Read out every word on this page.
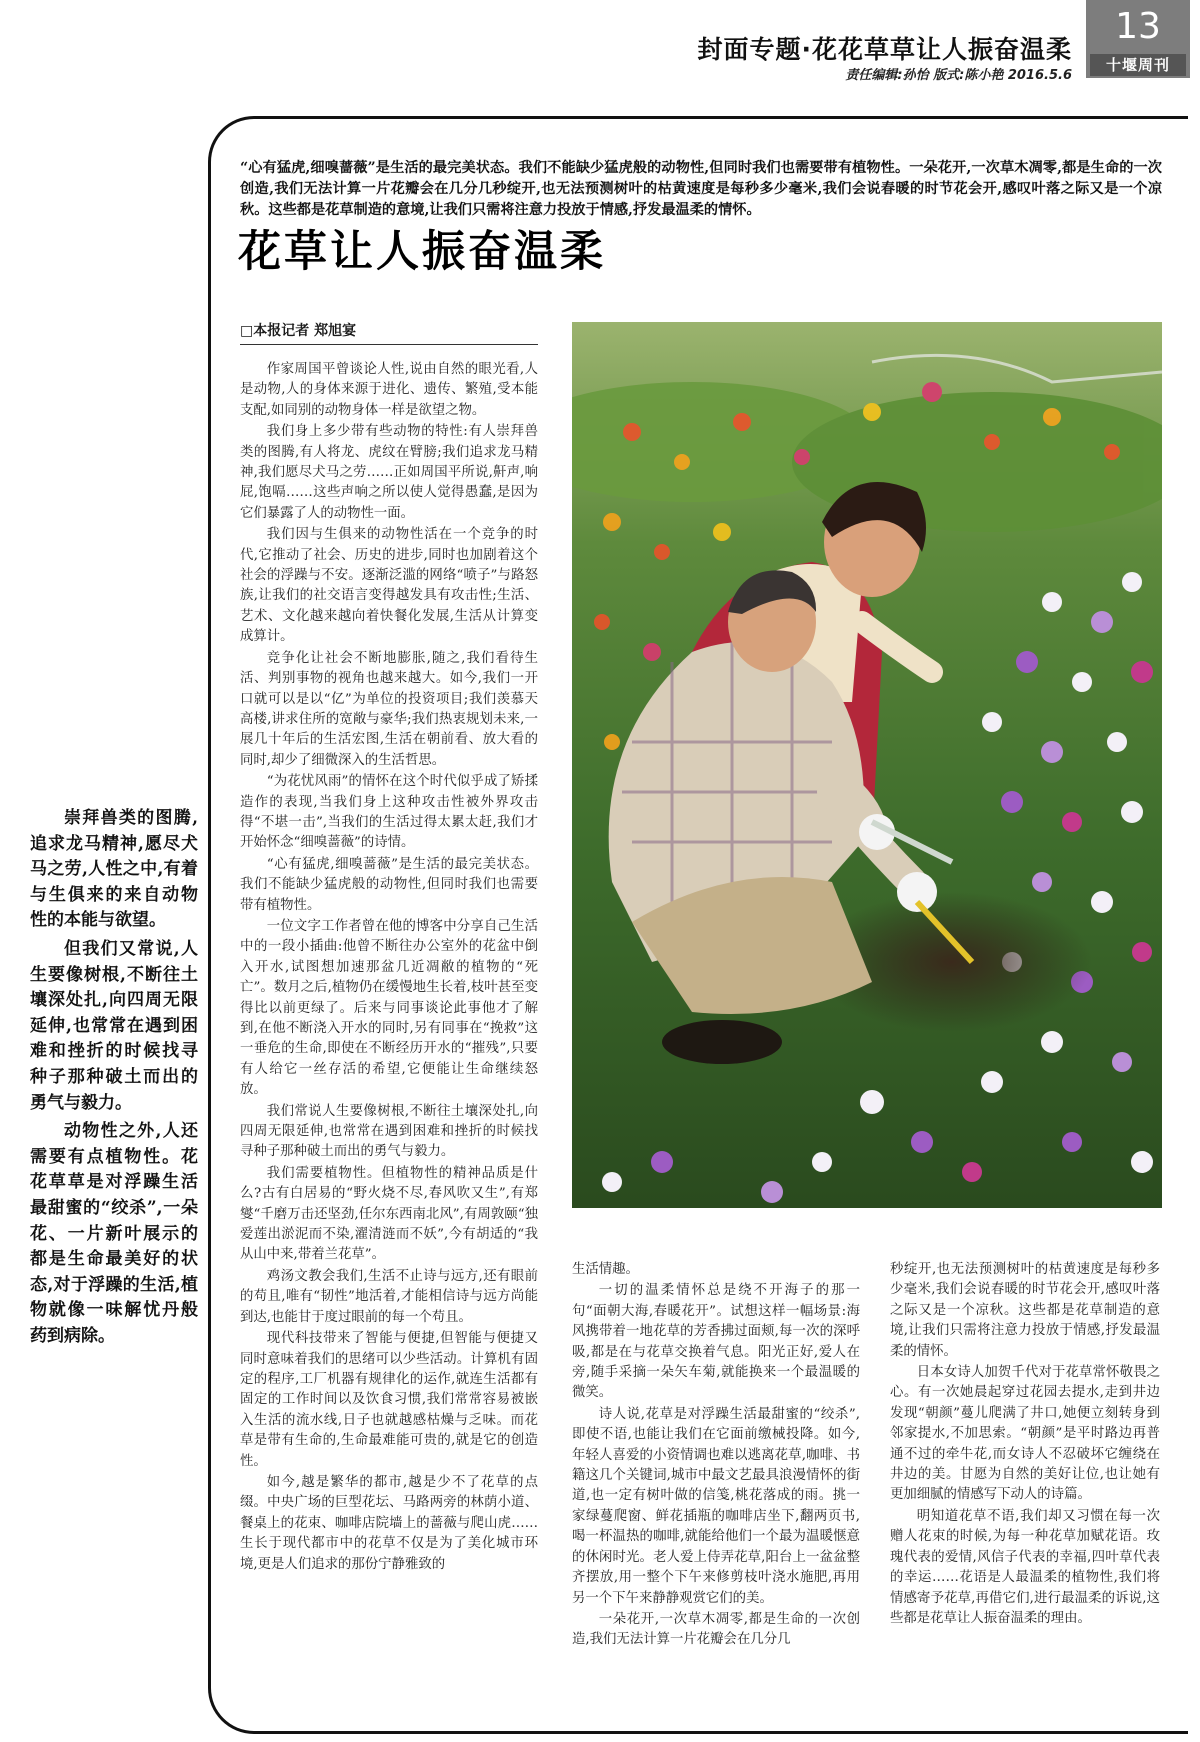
封面专题·花花草草让人振奋温柔
责任编辑:孙怡 版式:陈小艳 2016.5.6
13
十堰周刊
“心有猛虎,细嗅蔷薇”是生活的最完美状态。我们不能缺少猛虎般的动物性,但同时我们也需要带有植物性。一朵花开,一次草木凋零,都是生命的一次创造,我们无法计算一片花瓣会在几分几秒绽开,也无法预测树叶的枯黄速度是每秒多少毫米,我们会说春暖的时节花会开,感叹叶落之际又是一个凉秋。这些都是花草制造的意境,让我们只需将注意力投放于情感,抒发最温柔的情怀。
花草让人振奋温柔
□本报记者 郑旭宴

作家周国平曾谈论人性,说由自然的眼光看,人是动物,人的身体来源于进化、遗传、繁殖,受本能支配,如同别的动物身体一样是欲望之物。

我们身上多少带有些动物的特性:有人崇拜兽类的图腾,有人将龙、虎纹在臂膀;我们追求龙马精神,我们愿尽犬马之劳……正如周国平所说,鼾声,响屁,饱嗝……这些声响之所以使人觉得愚蠢,是因为它们暴露了人的动物性一面。

我们因与生俱来的动物性活在一个竞争的时代,它推动了社会、历史的进步,同时也加剧着这个社会的浮躁与不安。逐渐泛滥的网络“喷子”与路怒族,让我们的社交语言变得越发具有攻击性;生活、艺术、文化越来越向着快餐化发展,生活从计算变成算计。

竞争化让社会不断地膨胀,随之,我们看待生活、判别事物的视角也越来越大。如今,我们一开口就可以是以“亿”为单位的投资项目;我们羡慕天高楼,讲求住所的宽敞与豪华;我们热衷规划未来,一展几十年后的生活宏图,生活在朝前看、放大看的同时,却少了细微深入的生活哲思。

“为花忧风雨”的情怀在这个时代似乎成了矫揉造作的表现,当我们身上这种攻击性被外界攻击得“不堪一击”,当我们的生活过得太累太赶,我们才开始怀念“细嗅蔷薇”的诗情。

“心有猛虎,细嗅蔷薇”是生活的最完美状态。我们不能缺少猛虎般的动物性,但同时我们也需要带有植物性。

一位文字工作者曾在他的博客中分享自己生活中的一段小插曲:他曾不断往办公室外的花盆中倒入开水,试图想加速那盆几近凋敝的植物的“死亡”。数月之后,植物仍在缓慢地生长着,枝叶甚至变得比以前更绿了。后来与同事谈论此事他才了解到,在他不断浇入开水的同时,另有同事在“挽救”这一垂危的生命,即使在不断经历开水的“摧残”,只要有人给它一丝存活的希望,它便能让生命继续怒放。

我们常说人生要像树根,不断往土壤深处扎,向四周无限延伸,也常常在遇到困难和挫折的时候找寻种子那种破土而出的勇气与毅力。

我们需要植物性。但植物性的精神品质是什么?古有白居易的“野火烧不尽,春风吹又生”,有郑燮“千磨万击还坚劲,任尔东西南北风”,有周敦颐“独爱莲出淤泥而不染,濯清涟而不妖”,今有胡适的“我从山中来,带着兰花草”。

鸡汤文教会我们,生活不止诗与远方,还有眼前的苟且,唯有“韧性”地活着,才能相信诗与远方尚能到达,也能甘于度过眼前的每一个苟且。

现代科技带来了智能与便捷,但智能与便捷又同时意味着我们的思绪可以少些活动。计算机有固定的程序,工厂机器有规律化的运作,就连生活都有固定的工作时间以及饮食习惯,我们常常容易被嵌入生活的流水线,日子也就越感枯燥与乏味。而花草是带有生命的,生命最难能可贵的,就是它的创造性。

如今,越是繁华的都市,越是少不了花草的点缀。中央广场的巨型花坛、马路两旁的林荫小道、餐桌上的花束、咖啡店院墙上的蔷薇与爬山虎……生长于现代都市中的花草不仅是为了美化城市环境,更是人们追求的那份宁静雅致的

生活情趣。

一切的温柔情怀总是绕不开海子的那一句“面朝大海,春暖花开”。试想这样一幅场景:海风携带着一地花草的芳香拂过面颊,每一次的深呼吸,都是在与花草交换着气息。阳光正好,爱人在旁,随手采摘一朵矢车菊,就能换来一个最温暖的微笑。

诗人说,花草是对浮躁生活最甜蜜的“绞杀”,即使不语,也能让我们在它面前缴械投降。如今,年轻人喜爱的小资情调也难以逃离花草,咖啡、书籍这几个关键词,城市中最文艺最具浪漫情怀的街道,也一定有树叶做的信笺,桃花落成的雨。挑一家绿蔓爬窗、鲜花插瓶的咖啡店坐下,翻两页书,喝一杯温热的咖啡,就能给他们一个最为温暖惬意的休闲时光。老人爱上侍弄花草,阳台上一盆盆整齐摆放,用一整个下午来修剪枝叶浇水施肥,再用另一个下午来静静观赏它们的美。

一朵花开,一次草木凋零,都是生命的一次创造,我们无法计算一片花瓣会在几分几

秒绽开,也无法预测树叶的枯黄速度是每秒多少毫米,我们会说春暖的时节花会开,感叹叶落之际又是一个凉秋。这些都是花草制造的意境,让我们只需将注意力投放于情感,抒发最温柔的情怀。

日本女诗人加贺千代对于花草常怀敬畏之心。有一次她晨起穿过花园去提水,走到井边发现“朝颜”蔓儿爬满了井口,她便立刻转身到邻家提水,不加思索。“朝颜”是平时路边再普通不过的牵牛花,而女诗人不忍破坏它缠绕在井边的美。甘愿为自然的美好让位,也让她有更加细腻的情感写下动人的诗篇。

明知道花草不语,我们却又习惯在每一次赠人花束的时候,为每一种花草加赋花语。玫瑰代表的爱情,风信子代表的幸福,四叶草代表的幸运……花语是人最温柔的植物性,我们将情感寄予花草,再借它们,进行最温柔的诉说,这些都是花草让人振奋温柔的理由。

崇拜兽类的图腾,追求龙马精神,愿尽犬马之劳,人性之中,有着与生俱来的来自动物性的本能与欲望。

但我们又常说,人生要像树根,不断往土壤深处扎,向四周无限延伸,也常常在遇到困难和挫折的时候找寻种子那种破土而出的勇气与毅力。

动物性之外,人还需要有点植物性。花花草草是对浮躁生活最甜蜜的“绞杀”,一朵花、一片新叶展示的都是生命最美好的状态,对于浮躁的生活,植物就像一味解忧丹般药到病除。
